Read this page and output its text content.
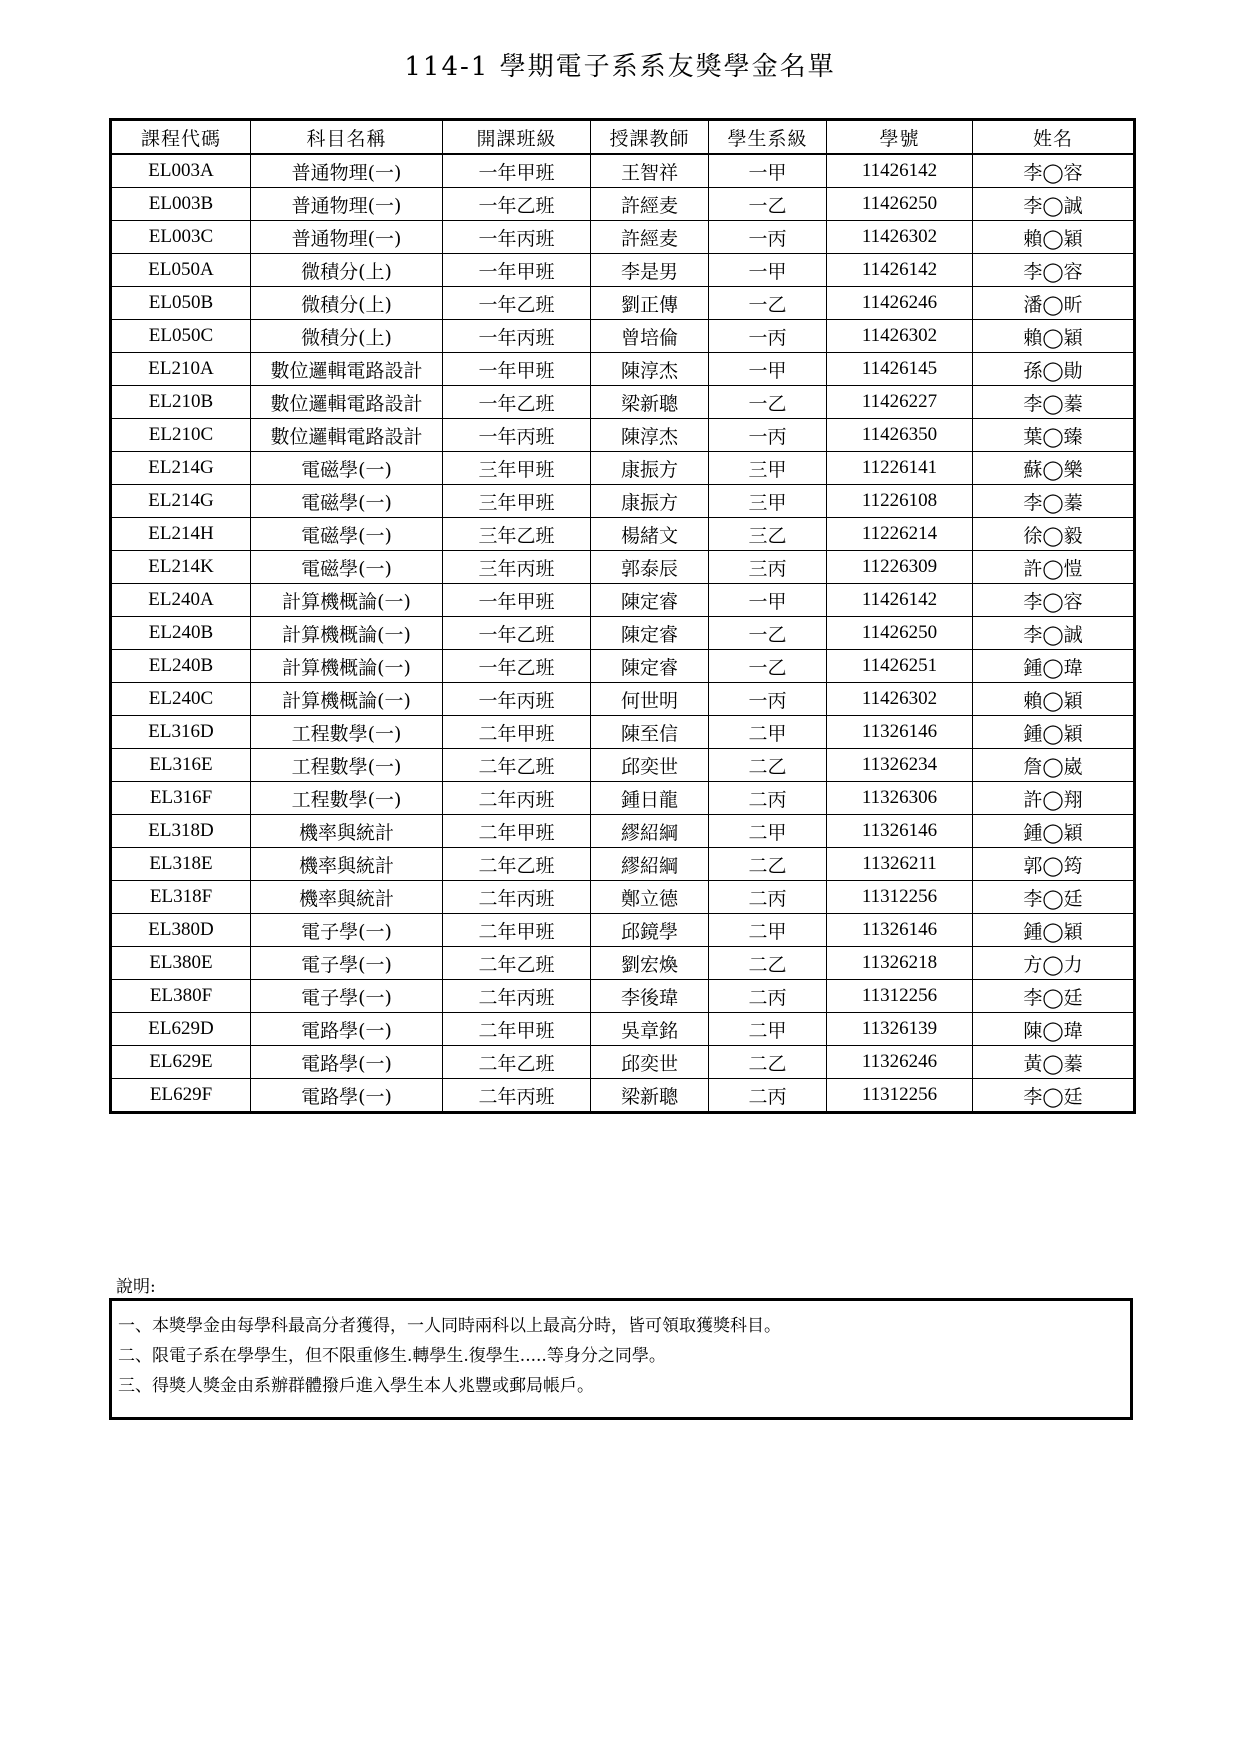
114-1 學期電子系系友獎學金名單
課程代碼	科目名稱	開課班級	授課教師	學生系級	學號	姓名
EL003A	普通物理(一)	一年甲班	王智祥	一甲	11426142	李◯容
EL003B	普通物理(一)	一年乙班	許經麦	一乙	11426250	李◯誠
EL003C	普通物理(一)	一年丙班	許經麦	一丙	11426302	賴◯穎
EL050A	微積分(上)	一年甲班	李是男	一甲	11426142	李◯容
EL050B	微積分(上)	一年乙班	劉正傳	一乙	11426246	潘◯昕
EL050C	微積分(上)	一年丙班	曾培倫	一丙	11426302	賴◯穎
EL210A	數位邏輯電路設計	一年甲班	陳淳杰	一甲	11426145	孫◯勛
EL210B	數位邏輯電路設計	一年乙班	梁新聰	一乙	11426227	李◯蓁
EL210C	數位邏輯電路設計	一年丙班	陳淳杰	一丙	11426350	葉◯臻
EL214G	電磁學(一)	三年甲班	康振方	三甲	11226141	蘇◯樂
EL214G	電磁學(一)	三年甲班	康振方	三甲	11226108	李◯蓁
EL214H	電磁學(一)	三年乙班	楊緒文	三乙	11226214	徐◯毅
EL214K	電磁學(一)	三年丙班	郭泰辰	三丙	11226309	許◯愷
EL240A	計算機概論(一)	一年甲班	陳定睿	一甲	11426142	李◯容
EL240B	計算機概論(一)	一年乙班	陳定睿	一乙	11426250	李◯誠
EL240B	計算機概論(一)	一年乙班	陳定睿	一乙	11426251	鍾◯瑋
EL240C	計算機概論(一)	一年丙班	何世明	一丙	11426302	賴◯穎
EL316D	工程數學(一)	二年甲班	陳至信	二甲	11326146	鍾◯穎
EL316E	工程數學(一)	二年乙班	邱奕世	二乙	11326234	詹◯崴
EL316F	工程數學(一)	二年丙班	鍾日龍	二丙	11326306	許◯翔
EL318D	機率與統計	二年甲班	繆紹綱	二甲	11326146	鍾◯穎
EL318E	機率與統計	二年乙班	繆紹綱	二乙	11326211	郭◯筠
EL318F	機率與統計	二年丙班	鄭立德	二丙	11312256	李◯廷
EL380D	電子學(一)	二年甲班	邱鏡學	二甲	11326146	鍾◯穎
EL380E	電子學(一)	二年乙班	劉宏煥	二乙	11326218	方◯力
EL380F	電子學(一)	二年丙班	李後瑋	二丙	11312256	李◯廷
EL629D	電路學(一)	二年甲班	吳章銘	二甲	11326139	陳◯瑋
EL629E	電路學(一)	二年乙班	邱奕世	二乙	11326246	黃◯蓁
EL629F	電路學(一)	二年丙班	梁新聰	二丙	11312256	李◯廷
說明:
一、本獎學金由每學科最高分者獲得，一人同時兩科以上最高分時，皆可領取獲獎科目。
二、限電子系在學學生，但不限重修生.轉學生.復學生.....等身分之同學。
三、得獎人獎金由系辦群體撥戶進入學生本人兆豐或郵局帳戶。
